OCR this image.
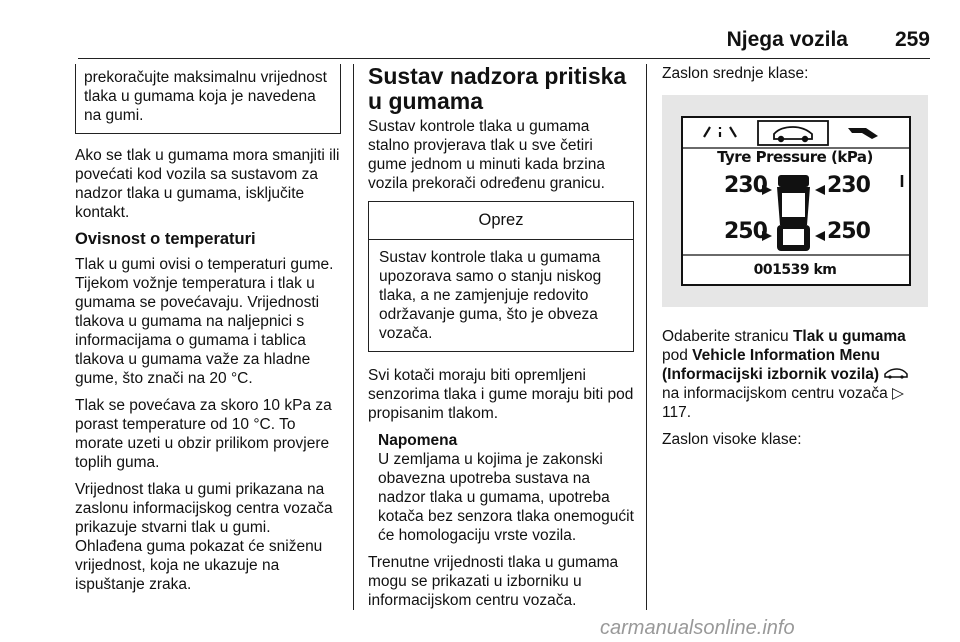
Njega vozila 259
prekoračujte maksimalnu vrijednost tlaka u gumama koja je navedena na gumi.

Ako se tlak u gumama mora smanjiti ili povećati kod vozila sa sustavom za nadzor tlaka u gumama, isključite kontakt.

Ovisnost o temperaturi

Tlak u gumi ovisi o temperaturi gume. Tijekom vožnje temperatura i tlak u gumama se povećavaju. Vrijednosti tlakova u gumama na naljepnici s informacijama o gumama i tablica tlakova u gumama važe za hladne gume, što znači na 20 °C.

Tlak se povećava za skoro 10 kPa za porast temperature od 10 °C. To morate uzeti u obzir prilikom provjere toplih guma.

Vrijednost tlaka u gumi prikazana na zaslonu informacijskog centra vozača prikazuje stvarni tlak u gumi. Ohlađena guma pokazat će sniženu vrijednost, koja ne ukazuje na ispuštanje zraka.

Sustav nadzora pritiska u gumama

Sustav kontrole tlaka u gumama stalno provjerava tlak u sve četiri gume jednom u minuti kada brzina vozila prekorači određenu granicu.

Oprez
Sustav kontrole tlaka u gumama upozorava samo o stanju niskog tlaka, a ne zamjenjuje redovito održavanje guma, što je obveza vozača.

Svi kotači moraju biti opremljeni senzorima tlaka i gume moraju biti pod propisanim tlakom.

Napomena
U zemljama u kojima je zakonski obavezna upotreba sustava na nadzor tlaka u gumama, upotreba kotača bez senzora tlaka onemogućit će homologaciju vrste vozila.

Trenutne vrijednosti tlaka u gumama mogu se prikazati u izborniku u informacijskom centru vozača.

Zaslon srednje klase:

Tyre Pressure (kPa)
230	230
250	250
001539 km

Odaberite stranicu Tlak u gumama pod Vehicle Information Menu (Informacijski izbornik vozila)  na informacijskom centru vozača ▷ 117.

Zaslon visoke klase:

carmanualsonline.info
